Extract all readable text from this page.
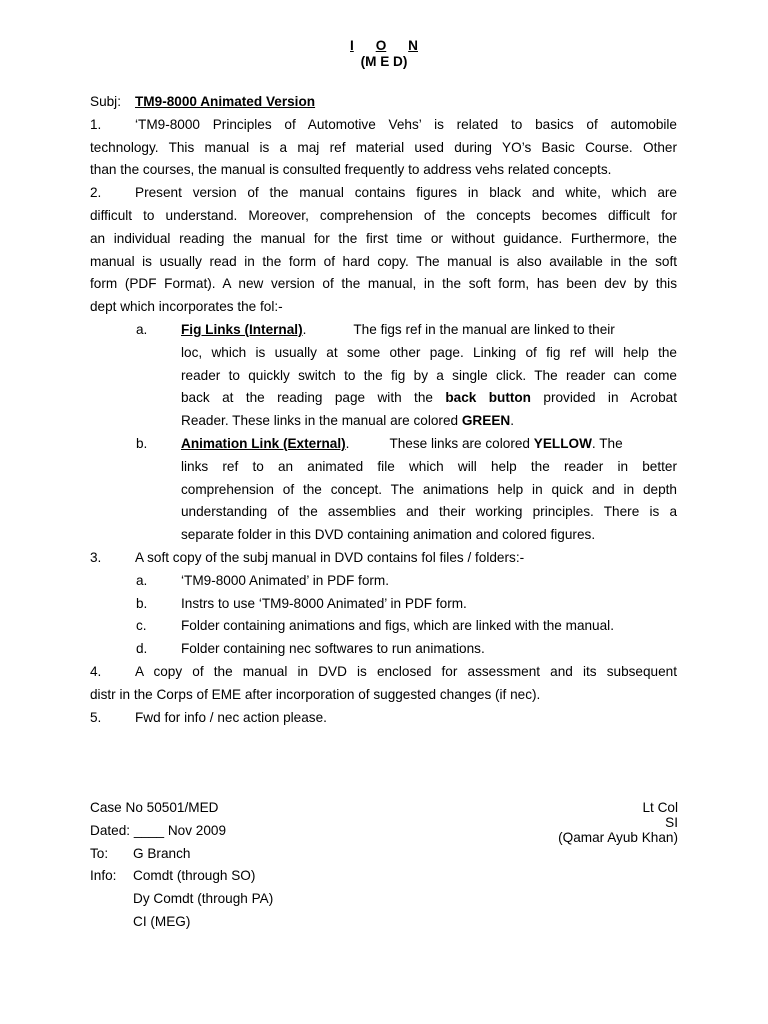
I O N
(M E D)
Subj: TM9-8000 Animated Version
1. ‘TM9-8000 Principles of Automotive Vehs’ is related to basics of automobile
technology. This manual is a maj ref material used during YO’s Basic Course. Other
than the courses, the manual is consulted frequently to address vehs related concepts.
2. Present version of the manual contains figures in black and white, which are
difficult to understand. Moreover, comprehension of the concepts becomes difficult for
an individual reading the manual for the first time or without guidance. Furthermore, the
manual is usually read in the form of hard copy. The manual is also available in the soft
form (PDF Format). A new version of the manual, in the soft form, has been dev by this
dept which incorporates the fol:-
a. Fig Links (Internal).	The figs ref in the manual are linked to their
loc, which is usually at some other page. Linking of fig ref will help the
reader to quickly switch to the fig by a single click. The reader can come
back at the reading page with the back button provided in Acrobat
Reader. These links in the manual are colored GREEN.
b. Animation Link (External).	These links are colored YELLOW. The
links ref to an animated file which will help the reader in better
comprehension of the concept. The animations help in quick and in depth
understanding of the assemblies and their working principles. There is a
separate folder in this DVD containing animation and colored figures.
3. A soft copy of the subj manual in DVD contains fol files / folders:-
a. ‘TM9-8000 Animated’ in PDF form.
b. Instrs to use ‘TM9-8000 Animated’ in PDF form.
c.	Folder containing animations and figs, which are linked with the manual.
d. Folder containing nec softwares to run animations.
4. A copy of the manual in DVD is enclosed for assessment and its subsequent
distr in the Corps of EME after incorporation of suggested changes (if nec).
5. Fwd for info / nec action please.
Case No 50501/MED
Dated: ____ Nov 2009
To: G Branch
Info: Comdt (through SO)
Dy Comdt (through PA)
CI (MEG)
Lt Col
SI
(Qamar Ayub Khan)
